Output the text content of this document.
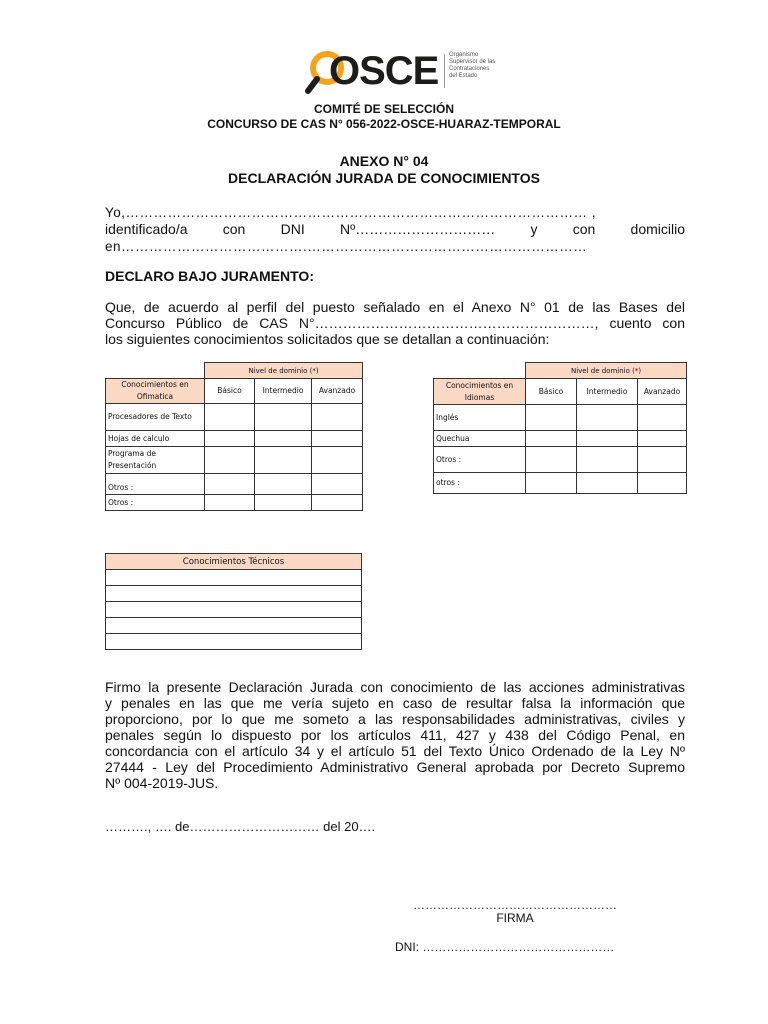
OSCE Organismo
Supervisor de las
Contrataciones
del Estado
COMITÉ DE SELECCIÓN
CONCURSO DE CAS N° 056-2022-OSCE-HUARAZ-TEMPORAL
ANEXO N° 04
DECLARACIÓN JURADA DE CONOCIMIENTOS
Yo,……………………………………………………………………………………… ,
identificado/a	con	DNI	Nº…………………………	y	con	domicilio
en………………………………….……………………………………………………
DECLARO BAJO JURAMENTO:
Que, de acuerdo al perfil del puesto señalado en el Anexo N° 01 de las Bases del
Concurso Público de CAS N°……………………………………………………, cuento con
los siguientes conocimientos solicitados que se detallan a continuación:
	Nivel de dominio (*)		
Conocimientos en Ofimatica	Básico	Intermedio	Avanzado
Procesadores de Texto			
Hojas de calculo			
Programa de Presentación			
Otros :			
Otros :			
	Nivel de dominio (*)		
Conocimientos en Idiomas	Básico	Intermedio	Avanzado
Inglés			
Quechua			
Otros :			
otros :			
Conocimientos Técnicos

Firmo la presente Declaración Jurada con conocimiento de las acciones administrativas
y penales en las que me vería sujeto en caso de resultar falsa la información que
proporciono, por lo que me someto a las responsabilidades administrativas, civiles y
penales según lo dispuesto por los artículos 411, 427 y 438 del Código Penal, en
concordancia con el artículo 34 y el artículo 51 del Texto Único Ordenado de la Ley Nº
27444 - Ley del Procedimiento Administrativo General aprobada por Decreto Supremo
Nº 004-2019-JUS.
………., …. de………………………… del 20….
……………………………………………
FIRMA
DNI: …………………………………………
